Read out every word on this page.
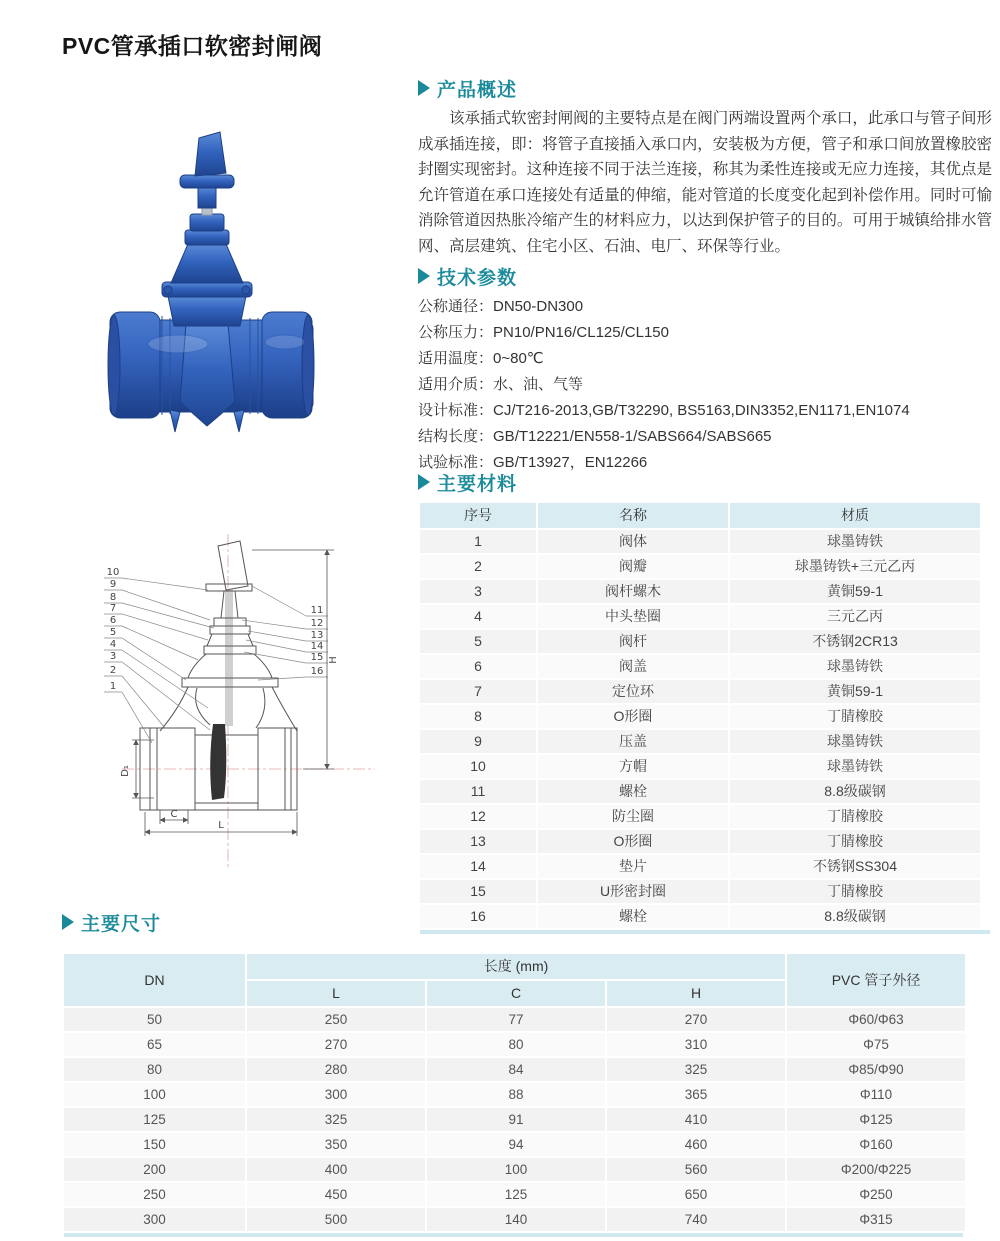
PVC管承插口软密封闸阀
产品概述

该承插式软密封闸阀的主要特点是在阀门两端设置两个承口，此承口与管子间形成承插连接，即：将管子直接插入承口内，安装极为方便，管子和承口间放置橡胶密封圈实现密封。这种连接不同于法兰连接，称其为柔性连接或无应力连接，其优点是允许管道在承口连接处有适量的伸缩，能对管道的长度变化起到补偿作用。同时可愉消除管道因热胀冷缩产生的材料应力，以达到保护管子的目的。可用于城镇给排水管网、高层建筑、住宅小区、石油、电厂、环保等行业。

技术参数
公称通径：DN50-DN300
公称压力：PN10/PN16/CL125/CL150
适用温度：0~80℃
适用介质：水、油、气等
设计标准：CJ/T216-2013,GB/T32290, BS5163,DIN3352,EN1171,EN1074
结构长度：GB/T12221/EN558-1/SABS664/SABS665
试验标准：GB/T13927，EN12266
主要材料
序号	名称	材质
1	阀体	球墨铸铁
2	阀瓣	球墨铸铁+三元乙丙
3	阀杆螺木	黄铜59-1
4	中头垫圈	三元乙丙
5	阀杆	不锈钢2CR13
6	阀盖	球墨铸铁
7	定位环	黄铜59-1
8	O形圈	丁腈橡胶
9	压盖	球墨铸铁
10	方帽	球墨铸铁
11	螺栓	8.8级碳钢
12	防尘圈	丁腈橡胶
13	O形圈	丁腈橡胶
14	垫片	不锈钢SS304
15	U形密封圈	丁腈橡胶
16	螺栓	8.8级碳钢
10
9
8
7
6
5
4
3
2
1
11
12
13
14
15
16
H
D₁
C
L
主要尺寸
DN	长度 (mm)			PVC 管子外径
	L	C	H	
50	250	77	270	Φ60/Φ63
65	270	80	310	Φ75
80	280	84	325	Φ85/Φ90
100	300	88	365	Φ110
125	325	91	410	Φ125
150	350	94	460	Φ160
200	400	100	560	Φ200/Φ225
250	450	125	650	Φ250
300	500	140	740	Φ315
